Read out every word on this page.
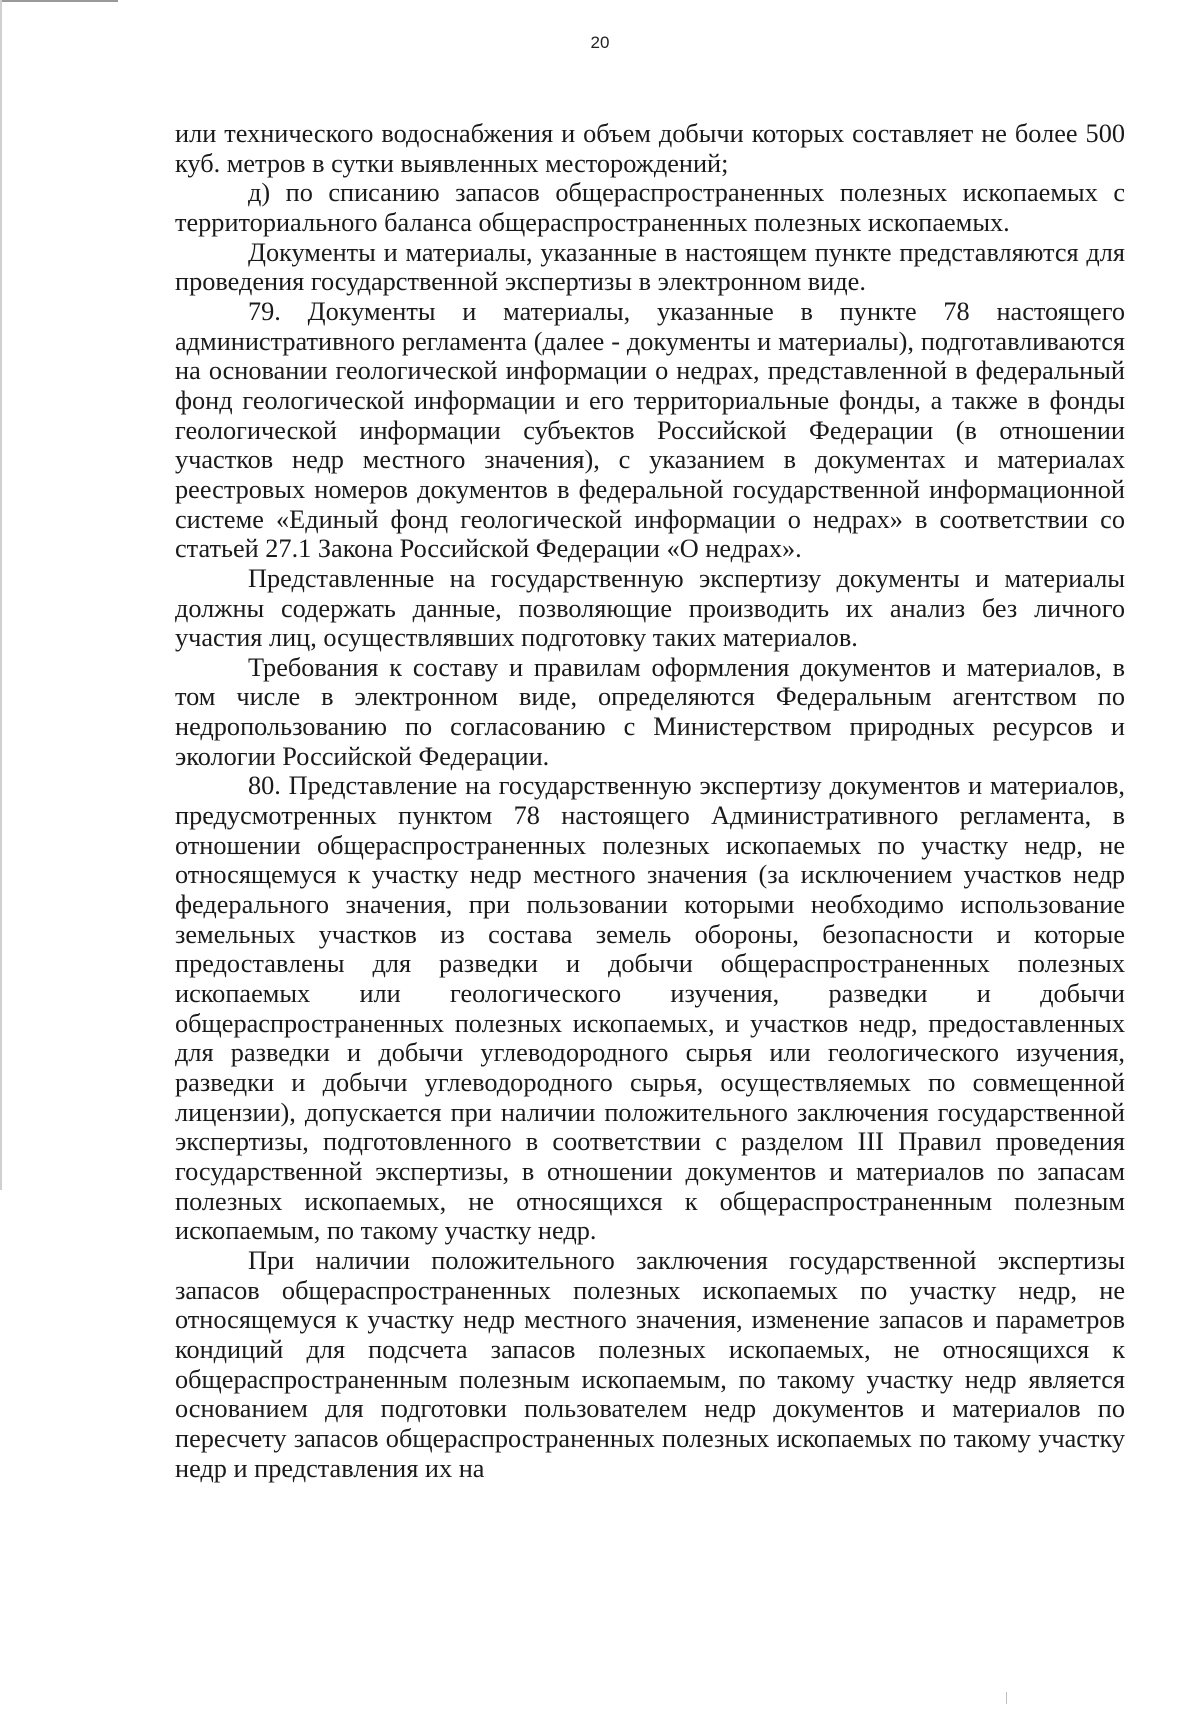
20

или технического водоснабжения и объем добычи которых составляет не более 500 куб. метров в сутки выявленных месторождений;

д) по списанию запасов общераспространенных полезных ископаемых с территориального баланса общераспространенных полезных ископаемых.

Документы и материалы, указанные в настоящем пункте представляются для проведения государственной экспертизы в электронном виде.

79. Документы и материалы, указанные в пункте 78 настоящего административного регламента (далее - документы и материалы), подготавливаются на основании геологической информации о недрах, представленной в федеральный фонд геологической информации и его территориальные фонды, а также в фонды геологической информации субъектов Российской Федерации (в отношении участков недр местного значения), с указанием в документах и материалах реестровых номеров документов в федеральной государственной информационной системе «Единый фонд геологической информации о недрах» в соответствии со статьей 27.1 Закона Российской Федерации «О недрах».

Представленные на государственную экспертизу документы и материалы должны содержать данные, позволяющие производить их анализ без личного участия лиц, осуществлявших подготовку таких материалов.

Требования к составу и правилам оформления документов и материалов, в том числе в электронном виде, определяются Федеральным агентством по недропользованию по согласованию с Министерством природных ресурсов и экологии Российской Федерации.

80. Представление на государственную экспертизу документов и материалов, предусмотренных пунктом 78 настоящего Административного регламента, в отношении общераспространенных полезных ископаемых по участку недр, не относящемуся к участку недр местного значения (за исключением участков недр федерального значения, при пользовании которыми необходимо использование земельных участков из состава земель обороны, безопасности и которые предоставлены для разведки и добычи общераспространенных полезных ископаемых или геологического изучения, разведки и добычи общераспространенных полезных ископаемых, и участков недр, предоставленных для разведки и добычи углеводородного сырья или геологического изучения, разведки и добычи углеводородного сырья, осуществляемых по совмещенной лицензии), допускается при наличии положительного заключения государственной экспертизы, подготовленного в соответствии с разделом III Правил проведения государственной экспертизы, в отношении документов и материалов по запасам полезных ископаемых, не относящихся к общераспространенным полезным ископаемым, по такому участку недр.

При наличии положительного заключения государственной экспертизы запасов общераспространенных полезных ископаемых по участку недр, не относящемуся к участку недр местного значения, изменение запасов и параметров кондиций для подсчета запасов полезных ископаемых, не относящихся к общераспространенным полезным ископаемым, по такому участку недр является основанием для подготовки пользователем недр документов и материалов по пересчету запасов общераспространенных полезных ископаемых по такому участку недр и представления их на
